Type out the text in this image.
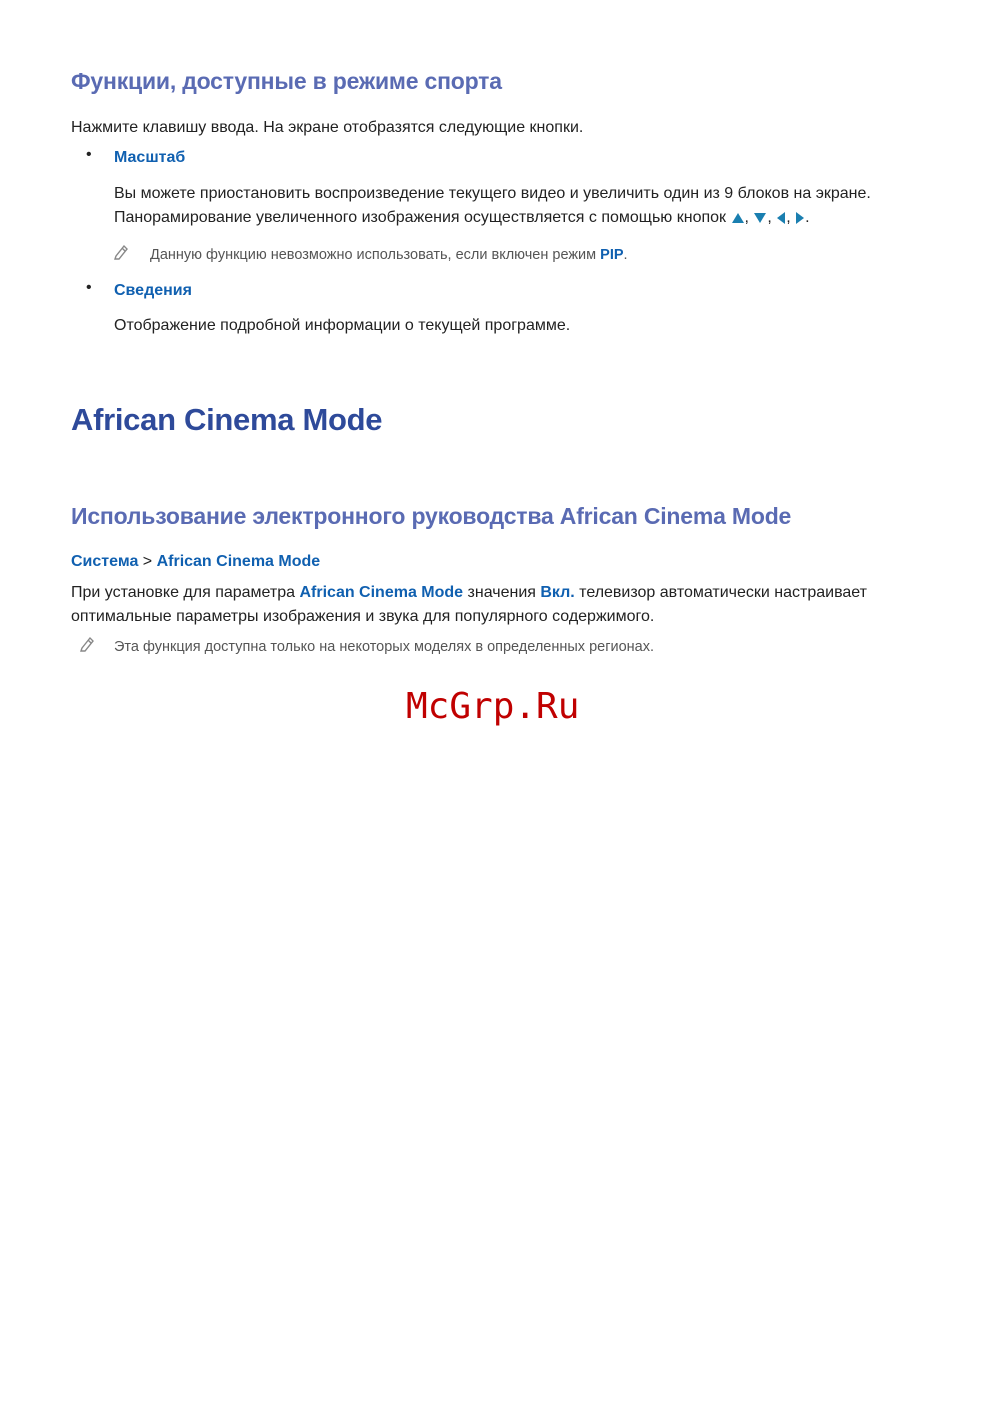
Функции, доступные в режиме спорта

Нажмите клавишу ввода. На экране отобразятся следующие кнопки.

• Масштаб

Вы можете приостановить воспроизведение текущего видео и увеличить один из 9 блоков на экране.

Панорамирование увеличенного изображения осуществляется с помощью кнопок , , , .

Данную функцию невозможно использовать, если включен режим PIP.

• Сведения

Отображение подробной информации о текущей программе.

African Cinema Mode
Использование электронного руководства African Cinema Mode

Система > African Cinema Mode

При установке для параметра African Cinema Mode значения Вкл. телевизор автоматически настраивает

оптимальные параметры изображения и звука для популярного содержимого.

Эта функция доступна только на некоторых моделях в определенных регионах.

McGrp.Ru
